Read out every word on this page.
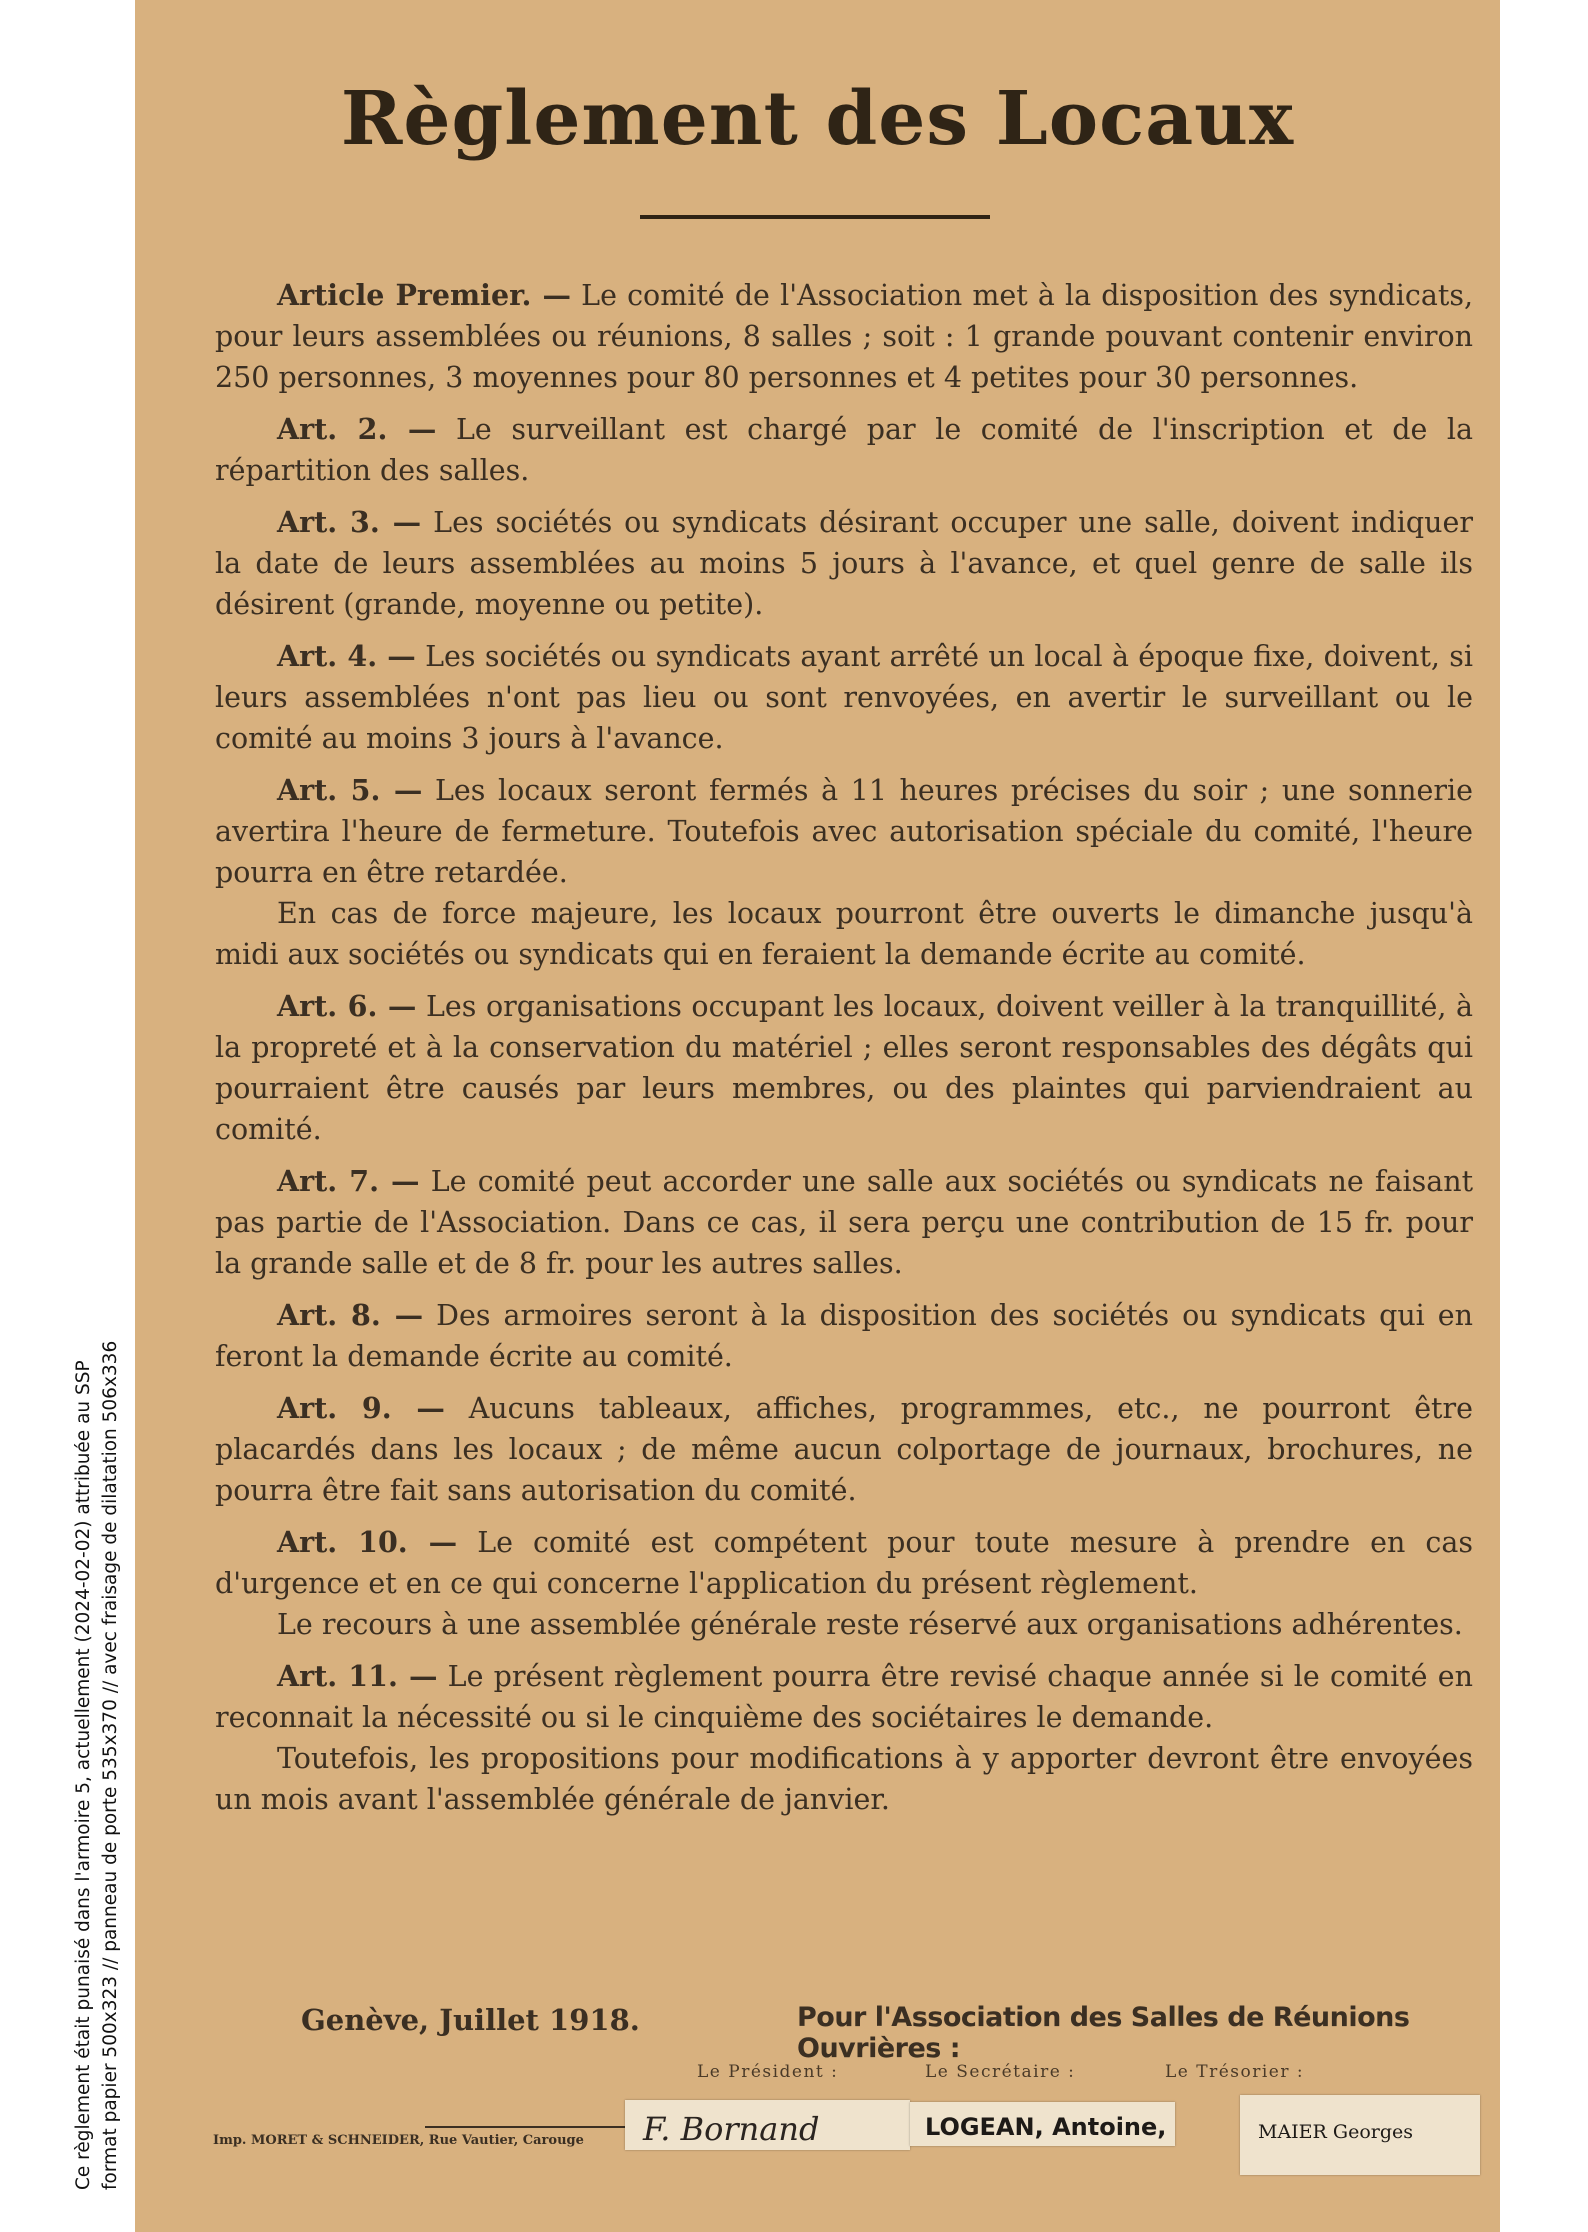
Ce règlement était punaisé dans l'armoire 5, actuellement (2024-02-02) attribuée au SSP format papier 500x323 // panneau de porte 535x370 // avec fraisage de dilatation 506x336
Règlement des Locaux

Article Premier. — Le comité de l'Association met à la disposition des syndicats, pour leurs assemblées ou réunions, 8 salles ; soit : 1 grande pouvant contenir environ 250 personnes, 3 moyennes pour 80 personnes et 4 petites pour 30 personnes.

Art. 2. — Le surveillant est chargé par le comité de l'inscription et de la répartition des salles.

Art. 3. — Les sociétés ou syndicats désirant occuper une salle, doivent indiquer la date de leurs assemblées au moins 5 jours à l'avance, et quel genre de salle ils désirent (grande, moyenne ou petite).

Art. 4. — Les sociétés ou syndicats ayant arrêté un local à époque fixe, doivent, si leurs assemblées n'ont pas lieu ou sont renvoyées, en avertir le surveillant ou le comité au moins 3 jours à l'avance.

Art. 5. — Les locaux seront fermés à 11 heures précises du soir ; une sonnerie avertira l'heure de fermeture. Toutefois avec autorisation spéciale du comité, l'heure pourra en être retardée.

En cas de force majeure, les locaux pourront être ouverts le dimanche jusqu'à midi aux sociétés ou syndicats qui en feraient la demande écrite au comité.

Art. 6. — Les organisations occupant les locaux, doivent veiller à la tranquillité, à la propreté et à la conservation du matériel ; elles seront responsables des dégâts qui pourraient être causés par leurs membres, ou des plaintes qui parviendraient au comité.

Art. 7. — Le comité peut accorder une salle aux sociétés ou syndicats ne faisant pas partie de l'Association. Dans ce cas, il sera perçu une contribution de 15 fr. pour la grande salle et de 8 fr. pour les autres salles.

Art. 8. — Des armoires seront à la disposition des sociétés ou syndicats qui en feront la demande écrite au comité.

Art. 9. — Aucuns tableaux, affiches, programmes, etc., ne pourront être placardés dans les locaux ; de même aucun colportage de journaux, brochures, ne pourra être fait sans autorisation du comité.

Art. 10. — Le comité est compétent pour toute mesure à prendre en cas d'urgence et en ce qui concerne l'application du présent règlement.

Le recours à une assemblée générale reste réservé aux organisations adhérentes.

Art. 11. — Le présent règlement pourra être revisé chaque année si le comité en reconnait la nécessité ou si le cinquième des sociétaires le demande.

Toutefois, les propositions pour modifications à y apporter devront être envoyées un mois avant l'assemblée générale de janvier.

Genève, Juillet 1918.	Pour l'Association des Salles de Réunions Ouvrières :
Le Président :	Le Secrétaire :	Le Trésorier :
Imp. MORET & SCHNEIDER, Rue Vautier, Carouge F. Bornand	LOGEAN, Antoine,	MAIER Georges
